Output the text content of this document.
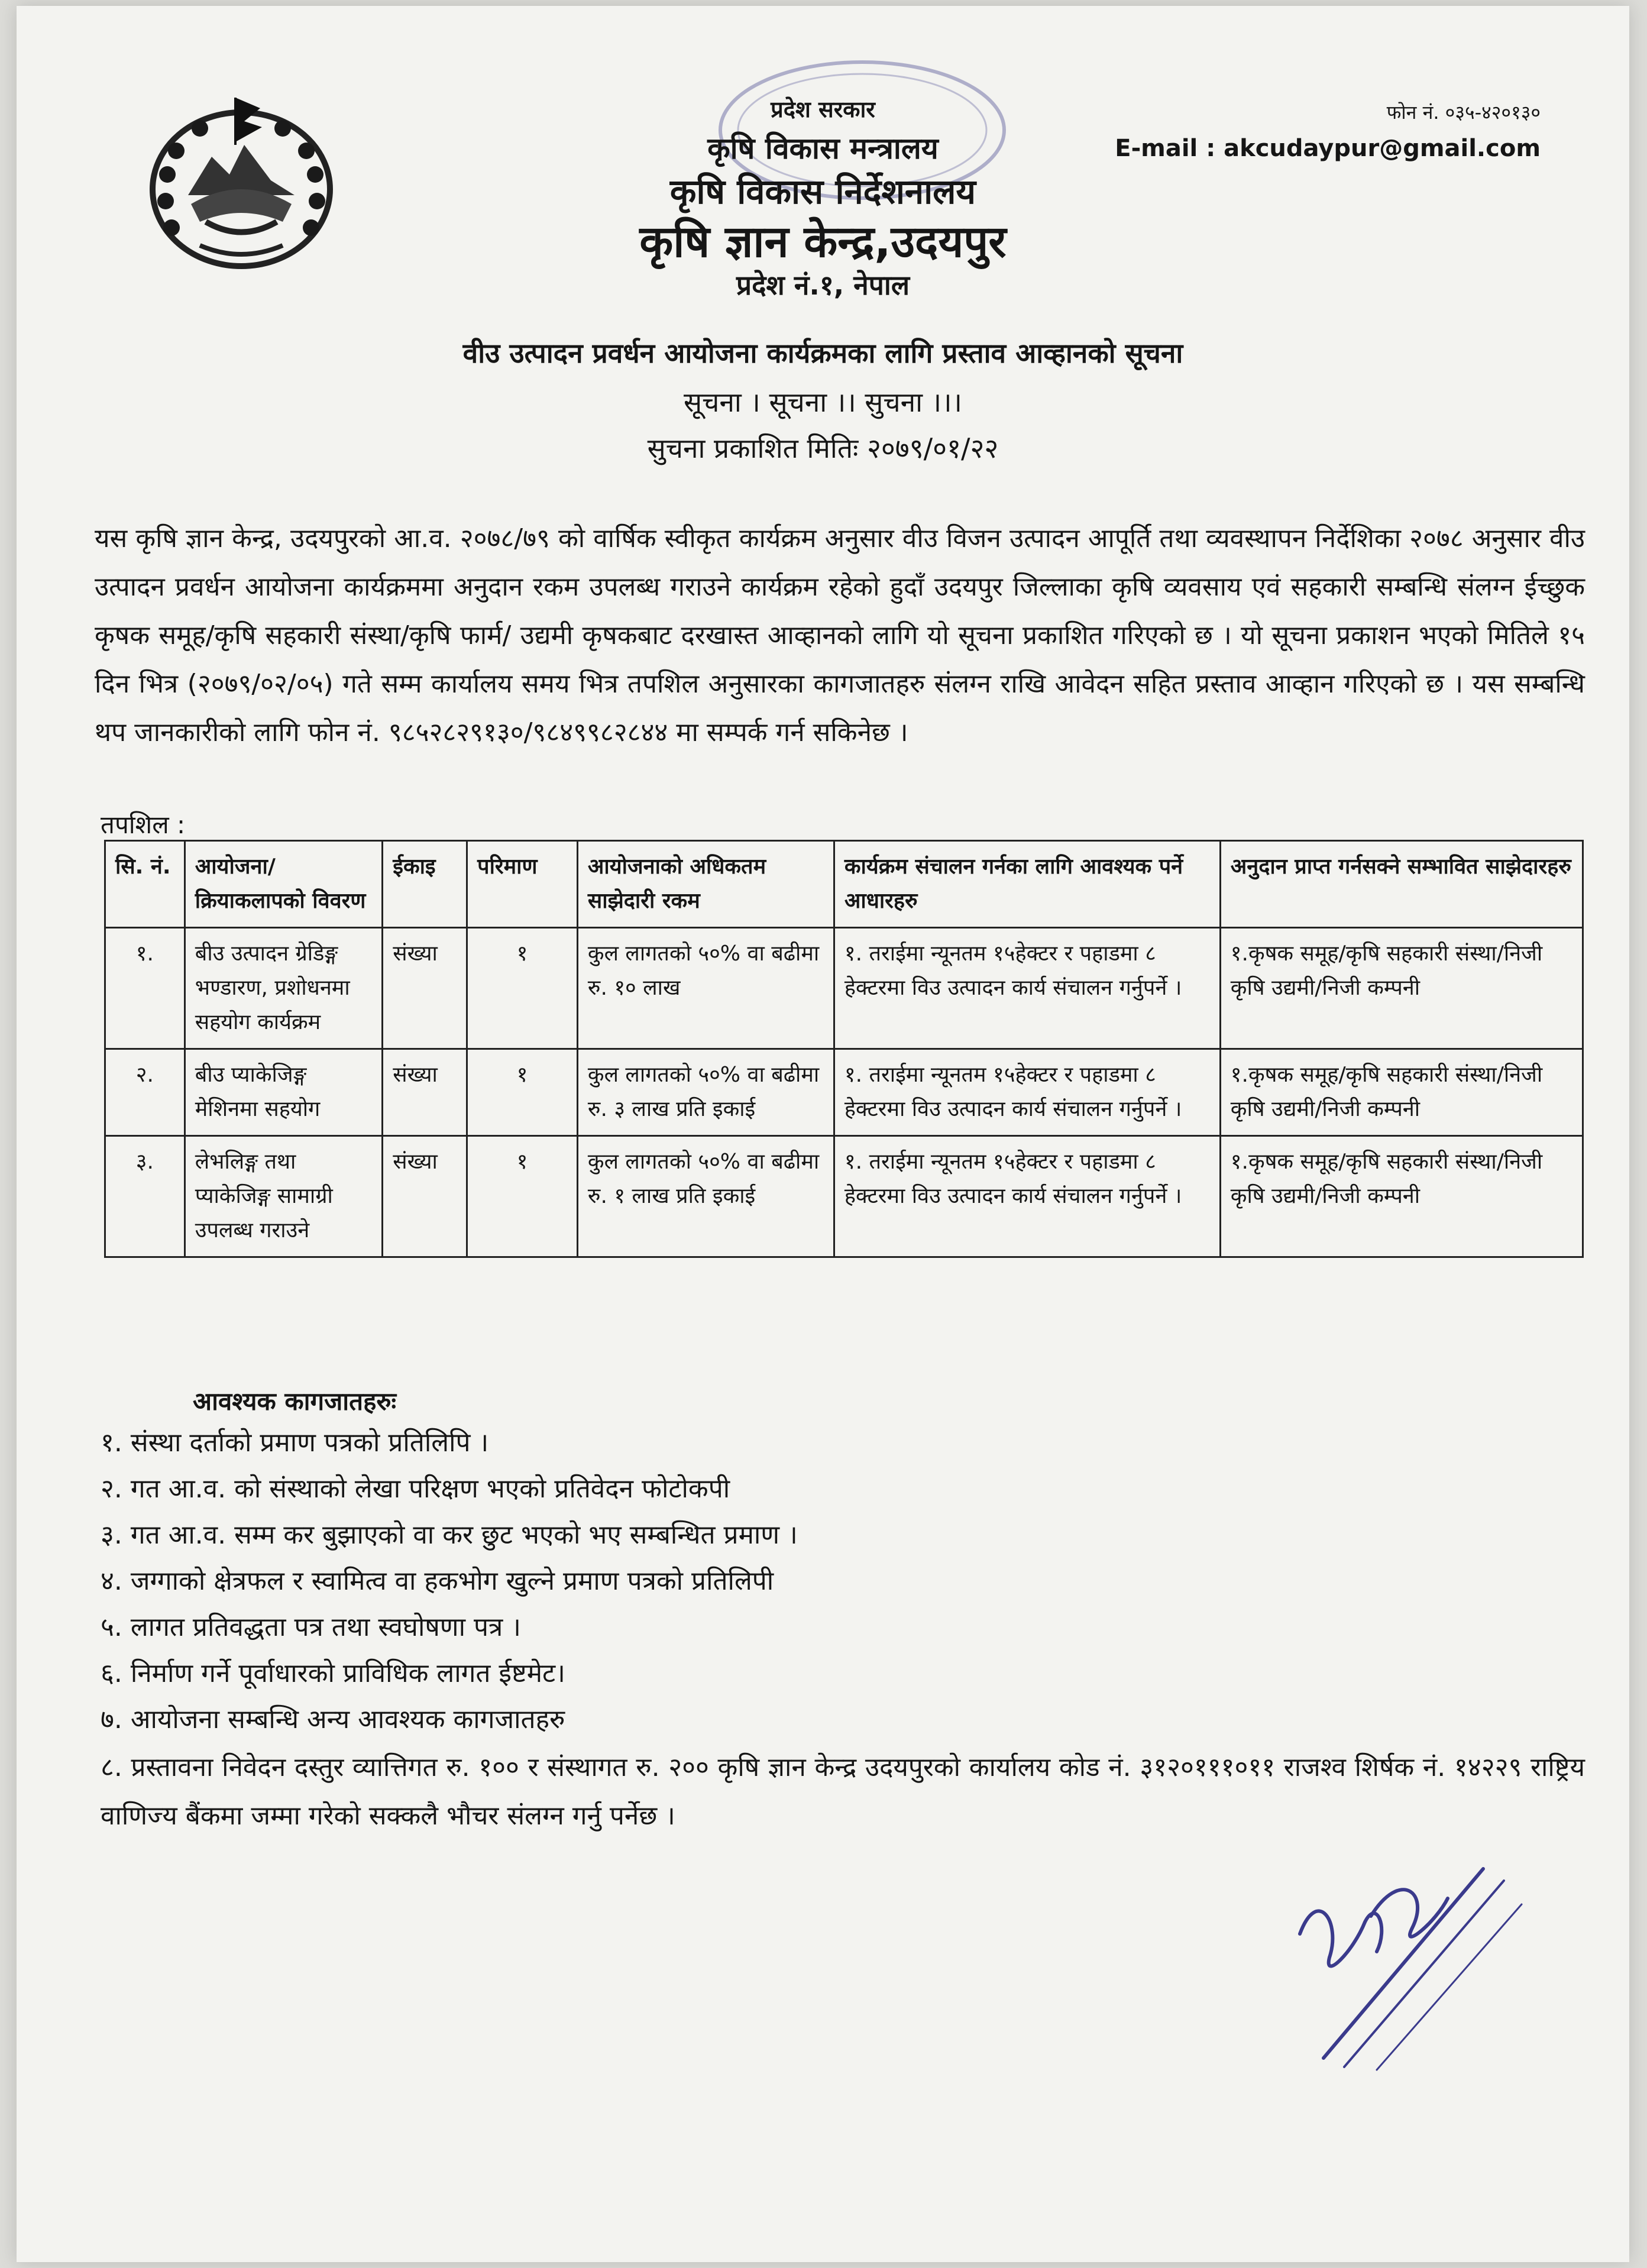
प्रदेश सरकार
कृषि विकास मन्त्रालय
कृषि विकास निर्देशनालय
कृषि ज्ञान केन्द्र,उदयपुर
प्रदेश नं.१, नेपाल
फोन नं. ०३५-४२०१३०
E-mail : akcudaypur@gmail.com
वीउ उत्पादन प्रवर्धन आयोजना कार्यक्रमका लागि प्रस्ताव आव्हानको सूचना
सूचना । सूचना ।। सुचना ।।।
सुचना प्रकाशित मितिः २०७९/०१/२२
यस कृषि ज्ञान केन्द्र, उदयपुरको आ.व. २०७८/७९ को वार्षिक स्वीकृत कार्यक्रम अनुसार वीउ विजन उत्पादन आपूर्ति तथा व्यवस्थापन निर्देशिका २०७८ अनुसार वीउ उत्पादन प्रवर्धन आयोजना कार्यक्रममा अनुदान रकम उपलब्ध गराउने कार्यक्रम रहेको हुदाँ उदयपुर जिल्लाका कृषि व्यवसाय एवं सहकारी सम्बन्धि संलग्न ईच्छुक कृषक समूह/कृषि सहकारी संस्था/कृषि फार्म/ उद्यमी कृषकबाट दरखास्त आव्हानको लागि यो सूचना प्रकाशित गरिएको छ । यो सूचना प्रकाशन भएको मितिले १५ दिन भित्र (२०७९/०२/०५) गते सम्म कार्यालय समय भित्र तपशिल अनुसारका कागजातहरु संलग्न राखि आवेदन सहित प्रस्ताव आव्हान गरिएको छ । यस सम्बन्धि थप जानकारीको लागि फोन नं. ९८५२८२९१३०/९८४९९८२८४४ मा सम्पर्क गर्न सकिनेछ ।
तपशिल :
सि. नं.	आयोजना/ क्रियाकलापको विवरण	ईकाइ	परिमाण	आयोजनाको अधिकतम साझेदारी रकम	कार्यक्रम संचालन गर्नका लागि आवश्यक पर्ने आधारहरु	अनुदान प्राप्त गर्नसक्ने सम्भावित साझेदारहरु
१.	बीउ उत्पादन ग्रेडिङ्ग भण्डारण, प्रशोधनमा सहयोग कार्यक्रम	संख्या	१	कुल लागतको ५०% वा बढीमा रु. १० लाख	१. तराईमा न्यूनतम १५हेक्टर र पहाडमा ८ हेक्टरमा विउ उत्पादन कार्य संचालन गर्नुपर्ने ।	१.कृषक समूह/कृषि सहकारी संस्था/निजी कृषि उद्यमी/निजी कम्पनी
२.	बीउ प्याकेजिङ्ग मेशिनमा सहयोग	संख्या	१	कुल लागतको ५०% वा बढीमा रु. ३ लाख प्रति इकाई	१. तराईमा न्यूनतम १५हेक्टर र पहाडमा ८ हेक्टरमा विउ उत्पादन कार्य संचालन गर्नुपर्ने ।	१.कृषक समूह/कृषि सहकारी संस्था/निजी कृषि उद्यमी/निजी कम्पनी
३.	लेभलिङ्ग तथा प्याकेजिङ्ग सामाग्री उपलब्ध गराउने	संख्या	१	कुल लागतको ५०% वा बढीमा रु. १ लाख प्रति इकाई	१. तराईमा न्यूनतम १५हेक्टर र पहाडमा ८ हेक्टरमा विउ उत्पादन कार्य संचालन गर्नुपर्ने ।	१.कृषक समूह/कृषि सहकारी संस्था/निजी कृषि उद्यमी/निजी कम्पनी
आवश्यक कागजातहरुः
१. संस्था दर्ताको प्रमाण पत्रको प्रतिलिपि ।
२. गत आ.व. को संस्थाको लेखा परिक्षण भएको प्रतिवेदन फोटोकपी
३. गत आ.व. सम्म कर बुझाएको वा कर छुट भएको भए सम्बन्धित प्रमाण ।
४. जग्गाको क्षेत्रफल र स्वामित्व वा हकभोग खुल्ने प्रमाण पत्रको प्रतिलिपी
५. लागत प्रतिवद्धता पत्र तथा स्वघोषणा पत्र ।
६. निर्माण गर्ने पूर्वाधारको प्राविधिक लागत ईष्टमेट।
७. आयोजना सम्बन्धि अन्य आवश्यक कागजातहरु
८. प्रस्तावना निवेदन दस्तुर व्यात्तिगत रु. १०० र संस्थागत रु. २०० कृषि ज्ञान केन्द्र उदयपुरको कार्यालय कोड नं. ३१२०१११०११ राजश्व शिर्षक नं. १४२२९ राष्ट्रिय वाणिज्य बैंकमा जम्मा गरेको सक्कलै भौचर संलग्न गर्नु पर्नेछ ।
